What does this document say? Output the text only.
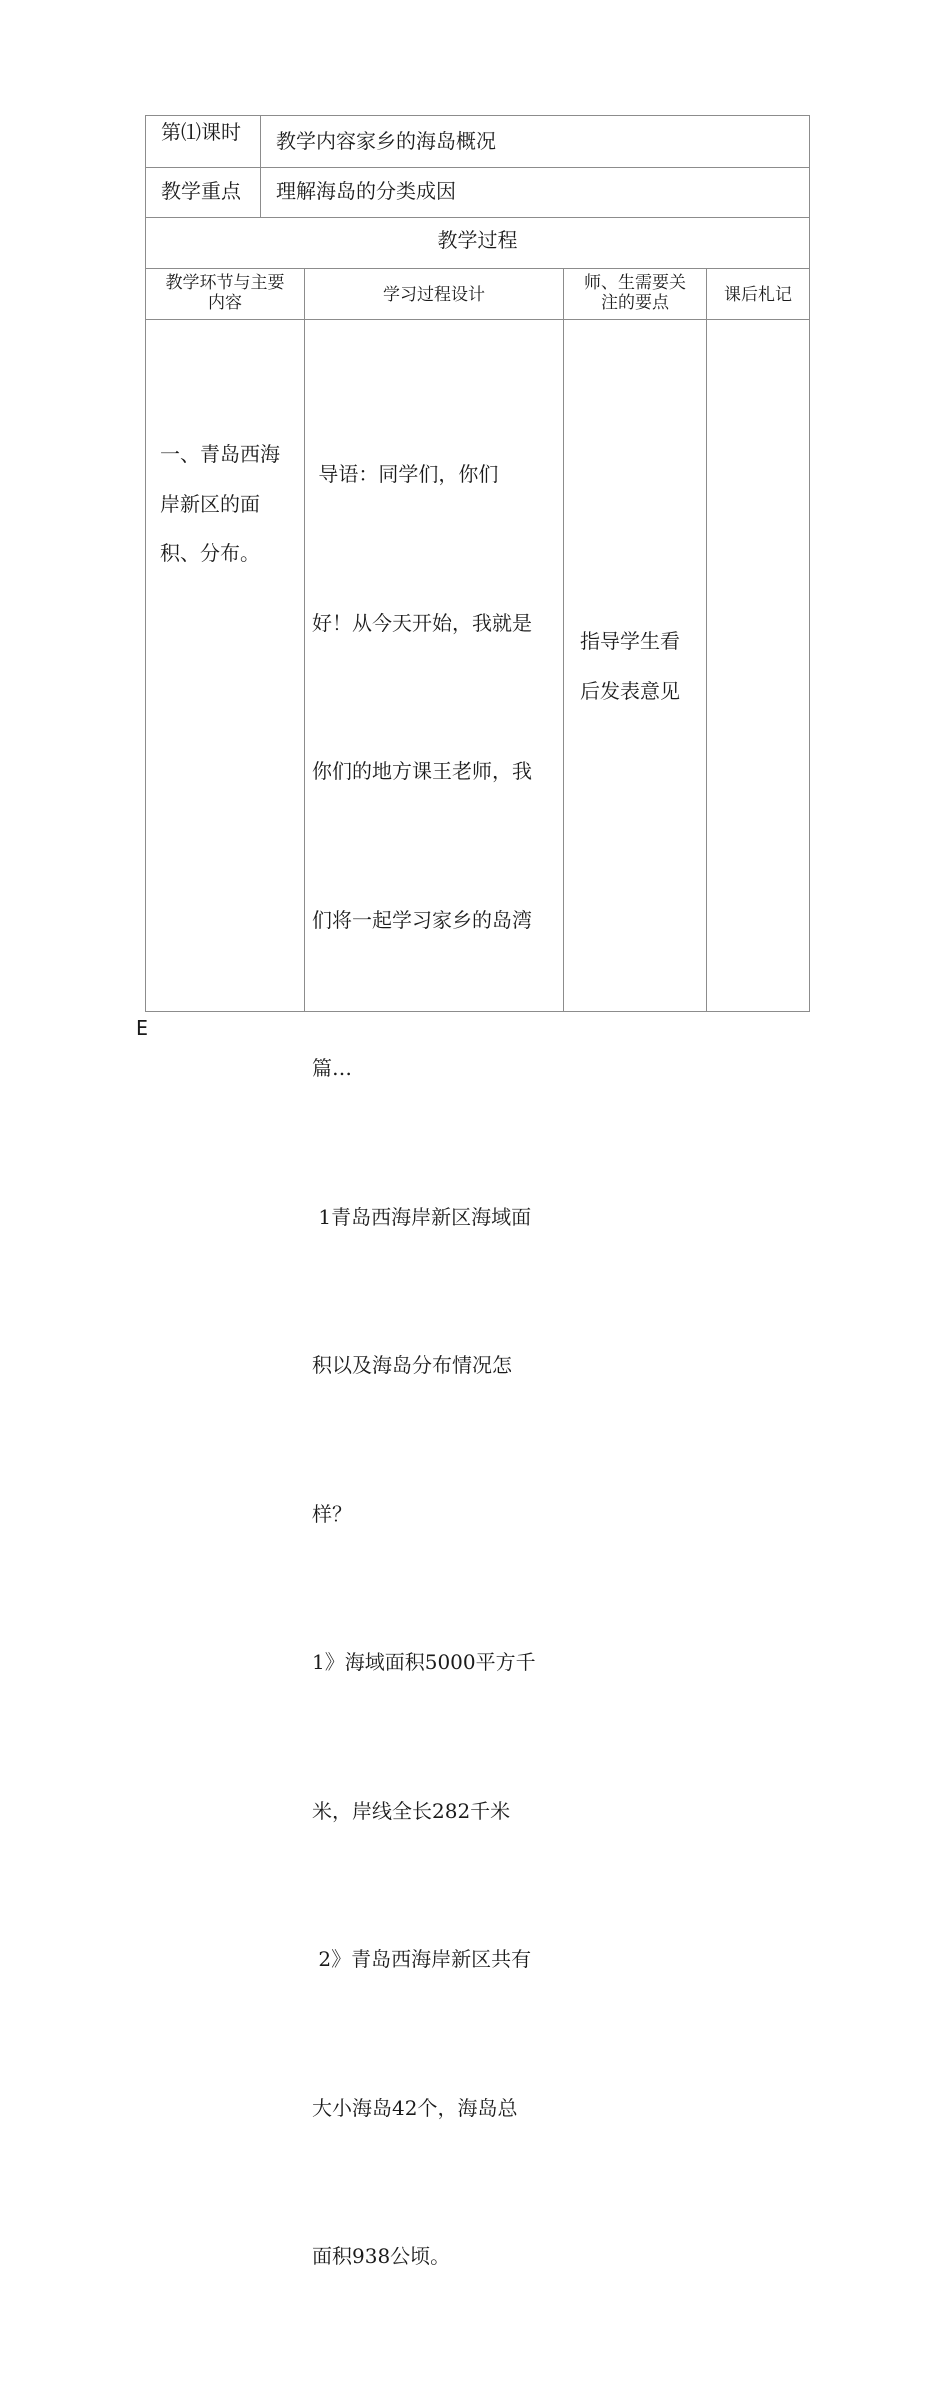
第⑴课时 教学内容家乡的海岛概况
教学重点 理解海岛的分类成因
教学过程
教学环节与主要
内容	学习过程设计
师、生需要关
注的要点	课后札记
一、青岛西海
岸新区的面
积、分布。

导语：同学们，你们

好！从今天开始，我就是

你们的地方课王老师，我

们将一起学习家乡的岛湾

篇…

1青岛西海岸新区海域面

积以及海岛分布情况怎

样？

1》海域面积5000平方千

米，岸线全长282千米

2》青岛西海岸新区共有

大小海岛42个，海岛总

面积938公顷。

指导学生看
后发表意见
E
